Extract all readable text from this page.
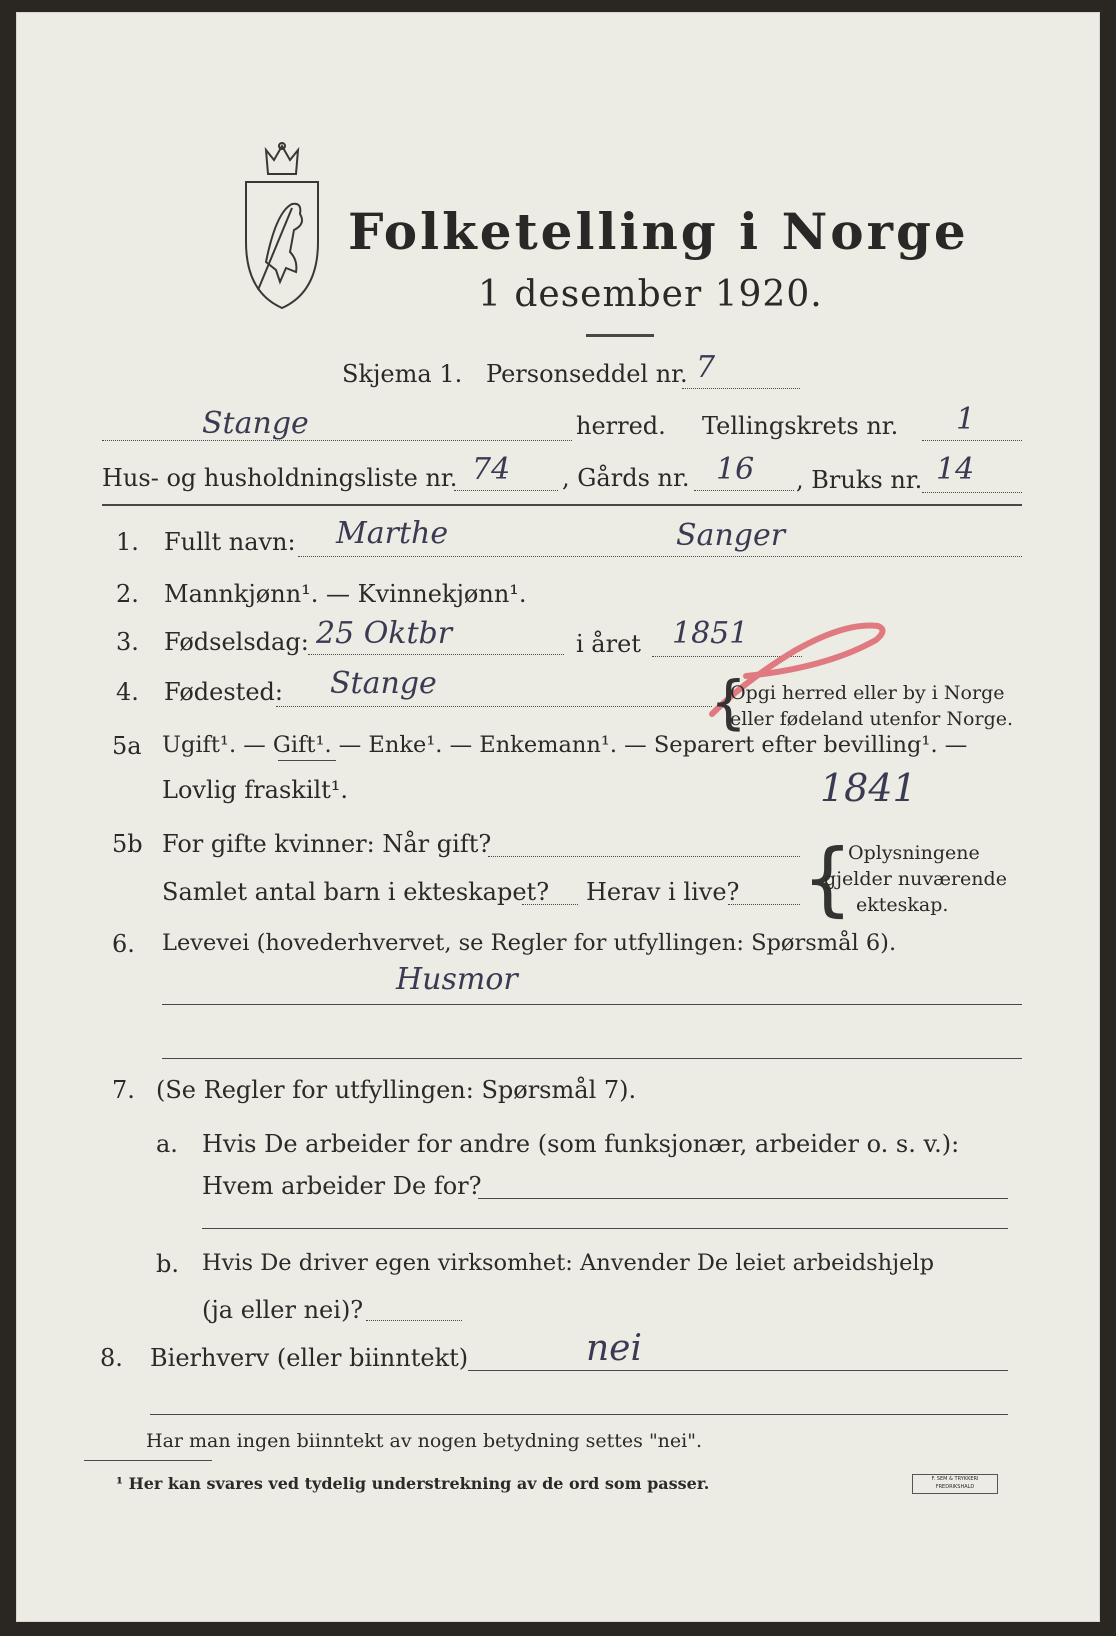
Folketelling i Norge
1 desember 1920.
Skjema 1. Personseddel nr. 7
Stange	herred. Tellingskrets nr. 1
Hus- og husholdningsliste nr. 74 , Gårds nr. 16 , Bruks nr. 14
1. Fullt navn: Marthe	Sanger
2. Mannkjønn¹. — Kvinnekjønn¹.
3. Fødselsdag: 25 Oktbr	i året 1851
4. Fødested: Stange	{
Opgi herred eller by i Norge
eller fødeland utenfor Norge.
5a Ugift¹. — Gift¹. — Enke¹. — Enkemann¹. — Separert efter bevilling¹. —
Lovlig fraskilt¹.	1841
5b For gifte kvinner: Når gift?
Samlet antal barn i ekteskapet? Herav i live? {
Oplysningene
gjelder nuværende
ekteskap.
6. Levevei (hovederhvervet, se Regler for utfyllingen: Spørsmål 6).
Husmor
7. (Se Regler for utfyllingen: Spørsmål 7).
a. Hvis De arbeider for andre (som funksjonær, arbeider o. s. v.):
Hvem arbeider De for?
b. Hvis De driver egen virksomhet: Anvender De leiet arbeidshjelp
(ja eller nei)?
8. Bierhverv (eller biinntekt)	nei
Har man ingen biinntekt av nogen betydning settes "nei".
¹ Her kan svares ved tydelig understrekning av de ord som passer.	F. SEM & TRYKKERI FREDRIKSHALD
